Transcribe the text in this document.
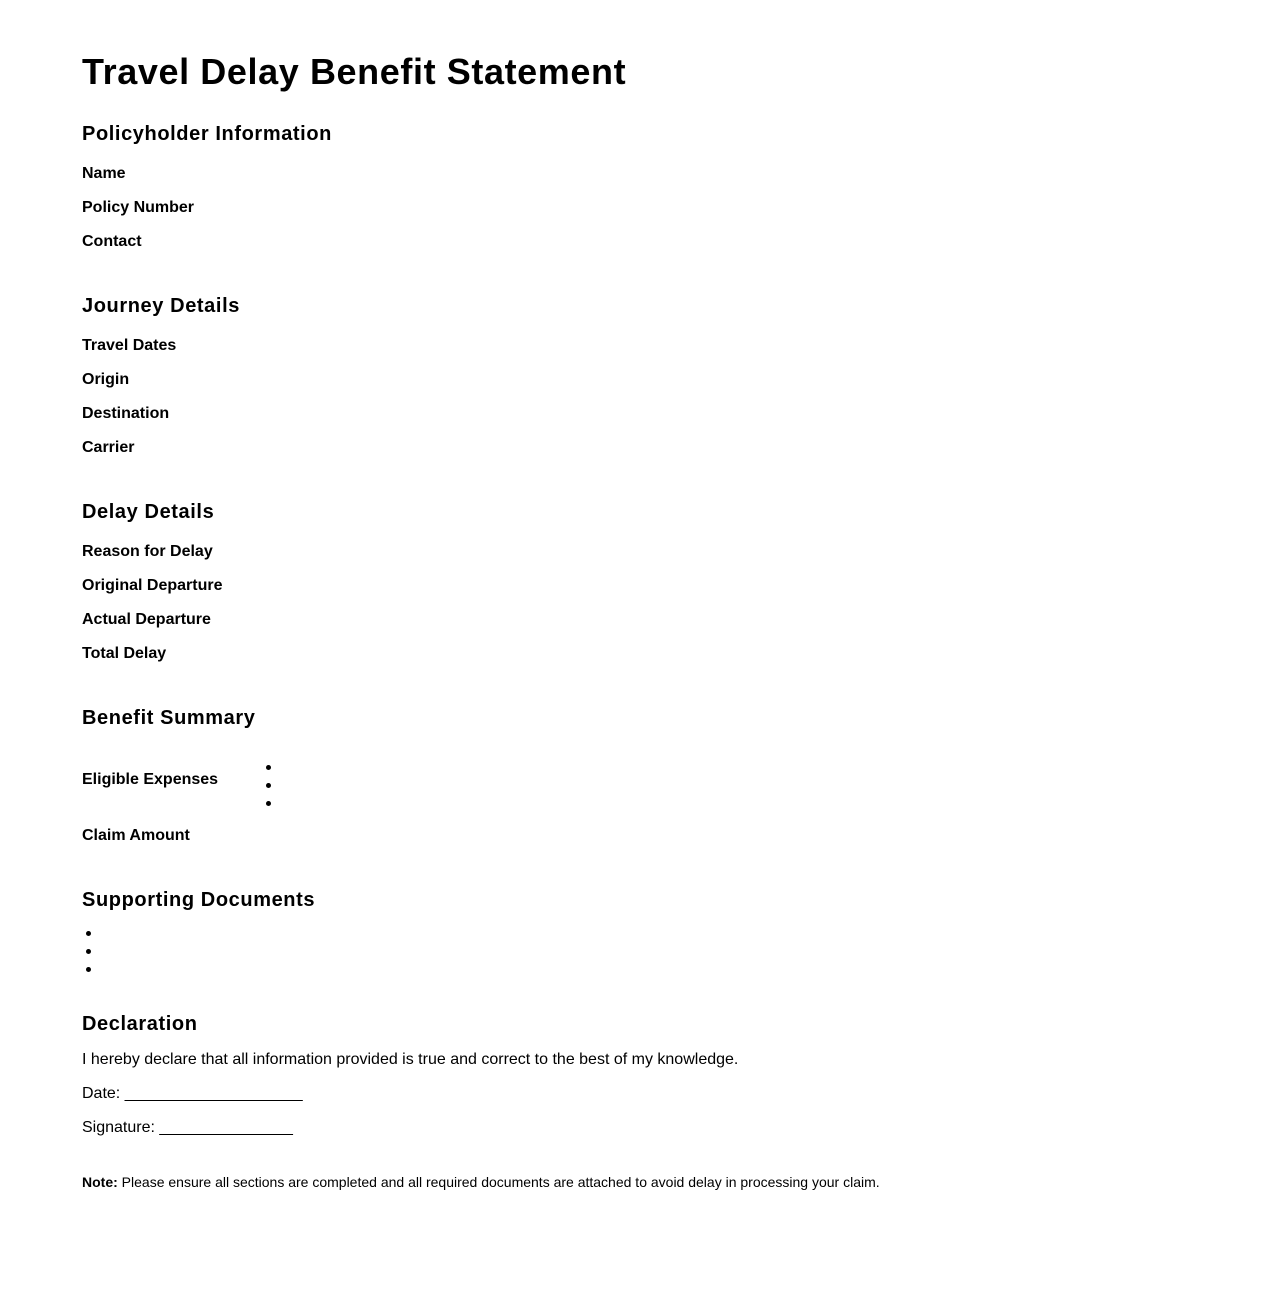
Travel Delay Benefit Statement
Policyholder Information
Name
Policy Number
Contact
Journey Details
Travel Dates
Origin
Destination
Carrier
Delay Details
Reason for Delay
Original Departure
Actual Departure
Total Delay
Benefit Summary
Eligible Expenses
Claim Amount
Supporting Documents
Declaration
I hereby declare that all information provided is true and correct to the best of my knowledge.
Date: ____________________
Signature: _______________
Note: Please ensure all sections are completed and all required documents are attached to avoid delay in processing your claim.
